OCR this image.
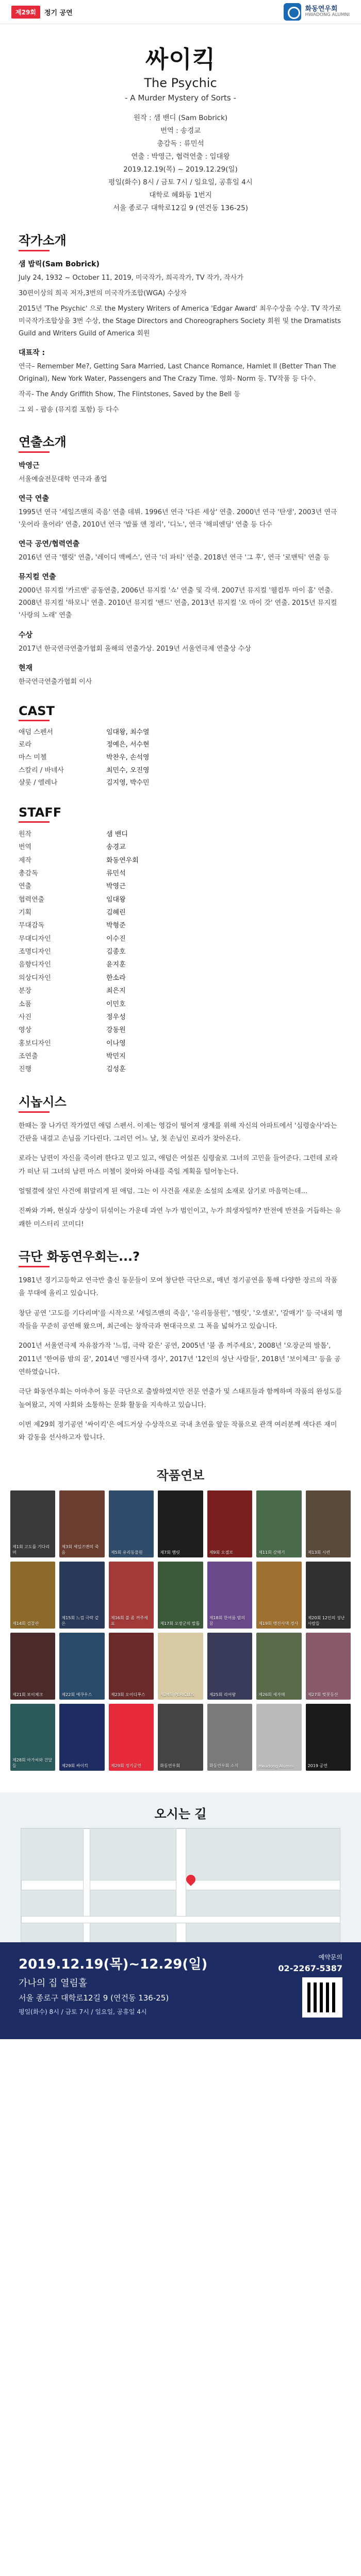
제29회	정기 공연
화동연우회
HWADONG ALUMNI
싸이킥
The Psychic
- A Murder Mystery of Sorts -
원작 : 샘 밴디 (Sam Bobrick)
번역 : 송경교
총감독 : 류민석
연출 : 박영근, 협력연출 : 임대왕
2019.12.19(목) ~ 2019.12.29(일)
평일(화수) 8시 / 금토 7시 / 일요일, 공휴일 4시
대학로 혜화동 1번지
서울 종로구 대학로12길 9 (연건동 136-25)
작가소개
샘 밥릭(Sam Bobrick)
July 24, 1932 ~ October 11, 2019, 미국작가, 희곡작가, TV 작가, 작사가
30편이상의 희곡 저자,3번의 미국작가조합(WGA) 수상자
2015년 'The Psychic' 으로 the Mystery Writers of America 'Edgar Award' 최우수상을 수상. TV 작가로 미국작가조합상을 3번 수상, the Stage Directors and Choreographers Society 회원 및 the Dramatists Guild and Writers Guild of America 회원
대표작 :
연극– Remember Me?, Getting Sara Married, Last Chance Romance, Hamlet II (Better Than The Original), New York Water, Passengers and The Crazy Time. 영화- Norm 등. TV작품 등 다수.
작곡- The Andy Griffith Show, The Flintstones, Saved by the Bell 등
그 외 - 팝송 (뮤지컬 포함) 등 다수
연출소개
박영근
서울예술전문대학 연극과 졸업
연극 연출
1995년 연극 '세일즈맨의 죽음' 연출 데뷔. 1996년 연극 '다른 세상' 연출. 2000년 연극 '탄생', 2003년 연극 '웃어라 울어라' 연출, 2010년 연극 '밥풀 앤 정리', '디노', 연극 '해피엔딩' 연출 등 다수
연극 공연/협력연출
2016년 연극 '햄릿' 연출, '레이디 맥베스', 연극 '더 파티' 연출. 2018년 연극 '그 후', 연극 '로맨틱' 연출 등
뮤지컬 연출
2000년 뮤지컬 '카르멘' 공동연출, 2006년 뮤지컬 '쇼' 연출 및 각색. 2007년 뮤지컬 '웰컴투 마이 홈' 연출. 2008년 뮤지컬 '하모니' 연출. 2010년 뮤지컬 '밴드' 연출, 2013년 뮤지컬 '오 마이 갓' 연출. 2015년 뮤지컬 '사랑의 노래' 연출
수상
2017년 한국연극연출가협회 올해의 연출가상. 2019년 서울연극제 연출상 수상
현재
한국연극연출가협회 이사
CAST
애덤 스펜서	임대왕, 최수열
로라	정예은, 서수현
마스 미첼	박찬우, 손석영
스칼리 / 바네사	최민수, 오진영
샬롯 / 엘레나	김지영, 박수민
STAFF
원작	샘 밴디
번역	송경교
제작	화동연우회
총감독	류민석
연출	박영근
협력연출	임대왕
기획	김혜린
무대감독	박형준
무대디자인	이수진
조명디자인	김종호
음향디자인	윤지훈
의상디자인	한소라
분장	최은지
소품	이민호
사진	정우성
영상	강동원
홍보디자인	이나영
조연출	박민지
진행	김성훈
시놉시스

한때는 잘 나가던 작가였던 애덤 스펜서. 이제는 영감이 떨어져 생계를 위해 자신의 아파트에서 '심령술사'라는 간판을 내걸고 손님을 기다린다. 그러던 어느 날, 첫 손님인 로라가 찾아온다.

로라는 남편이 자신을 죽이려 한다고 믿고 있고, 애덤은 어설픈 심령술로 그녀의 고민을 들어준다. 그런데 로라가 떠난 뒤 그녀의 남편 마스 미첼이 찾아와 아내를 죽일 계획을 털어놓는다.

얼떨결에 살인 사건에 휘말리게 된 애덤. 그는 이 사건을 새로운 소설의 소재로 삼기로 마음먹는데...

진짜와 가짜, 현실과 상상이 뒤섞이는 가운데 과연 누가 범인이고, 누가 희생자일까? 반전에 반전을 거듭하는 유쾌한 미스터리 코미디!

극단 화동연우회는...?

1981년 경기고등학교 연극반 출신 동문들이 모여 창단한 극단으로, 매년 정기공연을 통해 다양한 장르의 작품을 무대에 올리고 있습니다.

창단 공연 '고도를 기다리며'를 시작으로 '세일즈맨의 죽음', '유리동물원', '햄릿', '오셀로', '갈매기' 등 국내외 명작들을 꾸준히 공연해 왔으며, 최근에는 창작극과 현대극으로 그 폭을 넓혀가고 있습니다.

2001년 서울연극제 자유참가작 '느낌, 극락 같은' 공연, 2005년 '불 좀 꺼주세요', 2008년 '오장군의 발톱', 2011년 '한여름 밤의 꿈', 2014년 '맹진사댁 경사', 2017년 '12인의 성난 사람들', 2018년 '보이체크' 등을 공연하였습니다.

극단 화동연우회는 아마추어 동문 극단으로 출발하였지만 전문 연출가 및 스태프들과 함께하며 작품의 완성도를 높여왔고, 지역 사회와 소통하는 문화 활동을 지속하고 있습니다.

이번 제29회 정기공연 '싸이킥'은 에드거상 수상작으로 국내 초연을 앞둔 작품으로 관객 여러분께 색다른 재미와 감동을 선사하고자 합니다.

작품연보
제1회 고도를 기다리며
제3회 세일즈맨의 죽음	제5회 유리동물원	제7회 햄릿	제9회 오셀로	제11회 갈매기	제13회 시련
제14회 검찰관
제15회 느낌 극락 같은
제16회 불 좀 꺼주세요	제17회 오장군의 발톱
제18회 한여름 밤의 꿈	제19회 맹진사댁 경사
제20회 12인의 성난 사람들
제21회 보이체크	제22회 에쿠우스	제23회 오이디푸스	제24회 PERICLES	제25회 리어왕	제26회 세자매	제27회 벚꽃동산
제28회 아가씨와 건달들	제29회 싸이킥	제29회 정기공연	화동연우회	화동연우회 소식	Hwadong Alumni	2019 공연
오시는 길
2019.12.19(목)~12.29(일)
가나의 집 열림홀
서울 종로구 대학로12길 9 (연건동 136-25)
평일(화수) 8시 / 금토 7시 / 일요일, 공휴일 4시
예약문의
02-2267-5387
